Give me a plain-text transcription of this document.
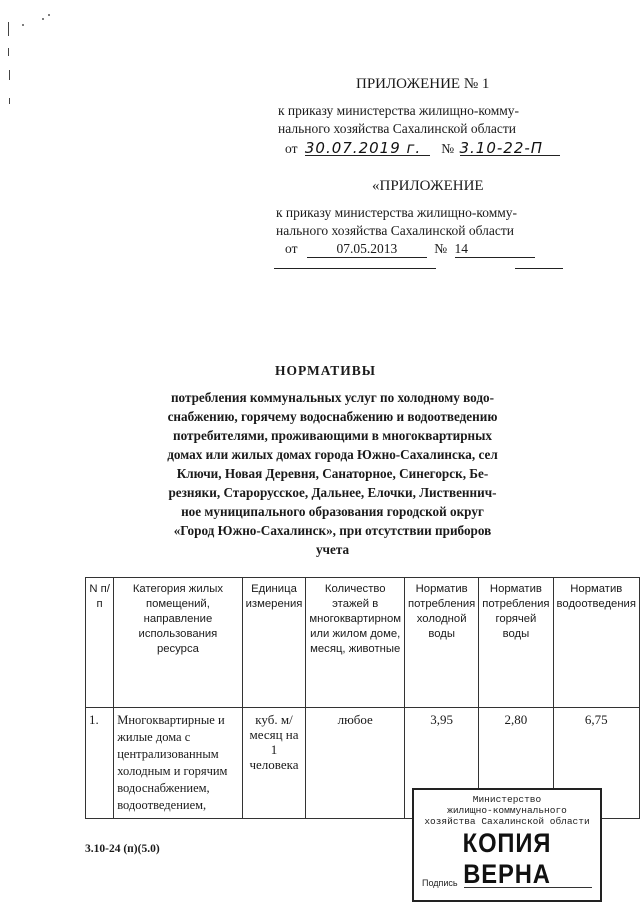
ПРИЛОЖЕНИЕ № 1
к приказу министерства жилищно-комму-
нального хозяйства Сахалинской области
от 30.07.2019 г. № 3.10-22-П
«ПРИЛОЖЕНИЕ
к приказу министерства жилищно-комму-
нального хозяйства Сахалинской области
от	07.05.2013	№ 14
НОРМАТИВЫ
потребления коммунальных услуг по холодному водо-
снабжению, горячему водоснабжению и водоотведению
потребителями, проживающими в многоквартирных
домах или жилых домах города Южно-Сахалинска, сел
Ключи, Новая Деревня, Санаторное, Синегорск, Бе-
резняки, Старорусское, Дальнее, Елочки, Лиственнич-
ное муниципального образования городской округ
«Город Южно-Сахалинск», при отсутствии приборов
учета
N п/п	Категория жилых помещений, направление использования ресурса	Единица измерения	Количество этажей в многоквартирном или жилом доме, месяц, животные	Норматив потребления холодной воды	Норматив потребления горячей воды	Норматив водоотведения
1.	Многоквартирные и жилые дома с централизованным холодным и горячим водоснабжением, водоотведением,	куб. м/месяц на 1 человека	любое	3,95	2,80	6,75
3.10-24 (п)(5.0)
Министерство
жилищно-коммунального
хозяйства Сахалинской области
КОПИЯ ВЕРНА
Подпись
